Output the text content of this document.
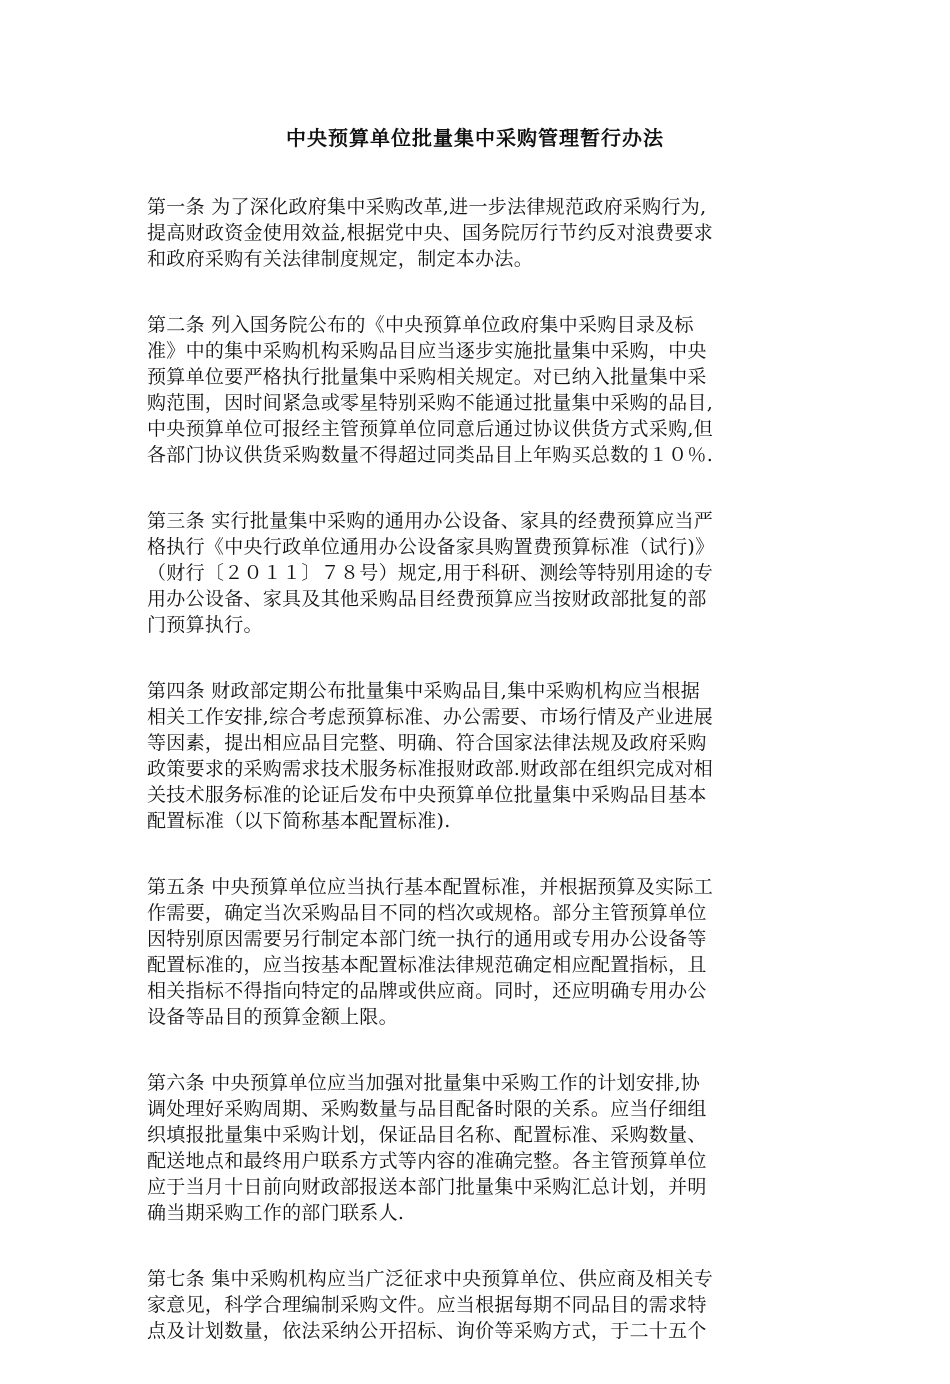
中央预算单位批量集中采购管理暂行办法
第一条 为了深化政府集中采购改革,进一步法律规范政府采购行为,
提高财政资金使用效益,根据党中央、国务院厉行节约反对浪费要求
和政府采购有关法律制度规定，制定本办法。
第二条 列入国务院公布的《中央预算单位政府集中采购目录及标
准》中的集中采购机构采购品目应当逐步实施批量集中采购，中央
预算单位要严格执行批量集中采购相关规定。对已纳入批量集中采
购范围，因时间紧急或零星特别采购不能通过批量集中采购的品目,
中央预算单位可报经主管预算单位同意后通过协议供货方式采购,但
各部门协议供货采购数量不得超过同类品目上年购买总数的１０％.
第三条 实行批量集中采购的通用办公设备、家具的经费预算应当严
格执行《中央行政单位通用办公设备家具购置费预算标准（试行)》
（财行〔２０１１〕７８号）规定,用于科研、测绘等特别用途的专
用办公设备、家具及其他采购品目经费预算应当按财政部批复的部
门预算执行。
第四条 财政部定期公布批量集中采购品目,集中采购机构应当根据
相关工作安排,综合考虑预算标准、办公需要、市场行情及产业进展
等因素，提出相应品目完整、明确、符合国家法律法规及政府采购
政策要求的采购需求技术服务标准报财政部.财政部在组织完成对相
关技术服务标准的论证后发布中央预算单位批量集中采购品目基本
配置标准（以下简称基本配置标准).
第五条 中央预算单位应当执行基本配置标准，并根据预算及实际工
作需要，确定当次采购品目不同的档次或规格。部分主管预算单位
因特别原因需要另行制定本部门统一执行的通用或专用办公设备等
配置标准的，应当按基本配置标准法律规范确定相应配置指标，且
相关指标不得指向特定的品牌或供应商。同时，还应明确专用办公
设备等品目的预算金额上限。
第六条 中央预算单位应当加强对批量集中采购工作的计划安排,协
调处理好采购周期、采购数量与品目配备时限的关系。应当仔细组
织填报批量集中采购计划，保证品目名称、配置标准、采购数量、
配送地点和最终用户联系方式等内容的准确完整。各主管预算单位
应于当月十日前向财政部报送本部门批量集中采购汇总计划，并明
确当期采购工作的部门联系人.
第七条 集中采购机构应当广泛征求中央预算单位、供应商及相关专
家意见，科学合理编制采购文件。应当根据每期不同品目的需求特
点及计划数量，依法采纳公开招标、询价等采购方式，于二十五个
